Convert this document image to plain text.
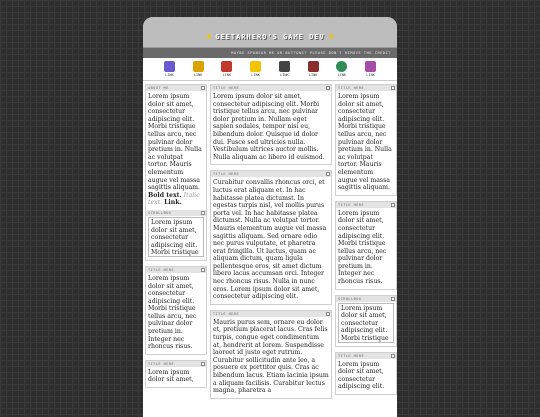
★ GEETARHERO'S GAME DEV ★
MAYBE SPONSOR ME OR BUTTONS? PLEASE DON'T REMOVE THE CREDIT
LINK	LINK	LINK	LINK	LINK	LINK	LINK	LINK
ABOUT ME
Lorem ipsum dolor sit amet, consectetur adipiscing elit. Morbi tristique tellus arcu, nec pulvinar dolor pretium in. Nulla ac volutpat tortor. Mauris elementum augue vel massa sagittis aliquam. Bold text. Italic text. Link.
SCROLLBOX
Lorem ipsum dolor sit amet, consectetur adipiscing elit. Morbi tristique
TITLE HERE
Lorem ipsum dolor sit amet, consectetur adipiscing elit. Morbi tristique tellus arcu, nec pulvinar dolor pretium in. Integer nec rhoncus risus.
TITLE HERE
Lorem ipsum dolor sit amet,
TITLE HERE
Lorem ipsum dolor sit amet, consectetur adipiscing elit. Morbi tristique tellus arcu, nec pulvinar dolor pretium in. Nullam eget sapien sodales, tempor nisi eu, bibendum dolor. Quisque id dolor dui. Fusce sed ultricies nulla. Vestibulum ultrices auctor mollis. Nulla aliquam ac libero id euismod.
TITLE HERE
Curabitur convallis rhoncus orci, et luctus erat aliquam et. In hac habitasse platea dictumst. In egestas turpis nisl, vel mollis purus porta vel. In hac habitasse platea dictumst. Nulla ac volutpat tortor. Mauris elementum augue vel massa sagittis aliquam. Sed ornare odio nec purus vulputate, et pharetra erat fringilla. Ut luctus, quam ac aliquam dictum, quam ligula pellentesque eros, sit amet dictum libero lacus accumsan orci. Integer nec rhoncus risus. Nulla in nunc eros. Lorem ipsum dolor sit amet, consectetur adipiscing elit.
TITLE HERE
Mauris purus sem, ornare eu dolor et, pretium placerat lacus. Cras felis turpis, congue eget condimentum at, hendrerit at lorem. Suspendisse laoreet id justo eget rutrum. Curabitur sollicitudin ante leo, a posuere ex porttitor quis. Cras ac bibendum lacus. Etiam lacinia ipsum a aliquam facilisis. Curabitur lectus magna, pharetra a
TITLE HERE
Lorem ipsum dolor sit amet, consectetur adipiscing elit. Morbi tristique tellus arcu, nec pulvinar dolor pretium in. Nulla ac volutpat tortor. Mauris elementum augue vel massa sagittis aliquam.
TITLE HERE
Lorem ipsum dolor sit amet, consectetur adipiscing elit. Morbi tristique tellus arcu, nec pulvinar dolor pretium in. Integer nec rhoncus risus.
SCROLLBOX
Lorem ipsum dolor sit amet, consectetur adipiscing elit. Morbi tristique
TITLE HERE
Lorem ipsum dolor sit amet, consectetur adipiscing elit.
